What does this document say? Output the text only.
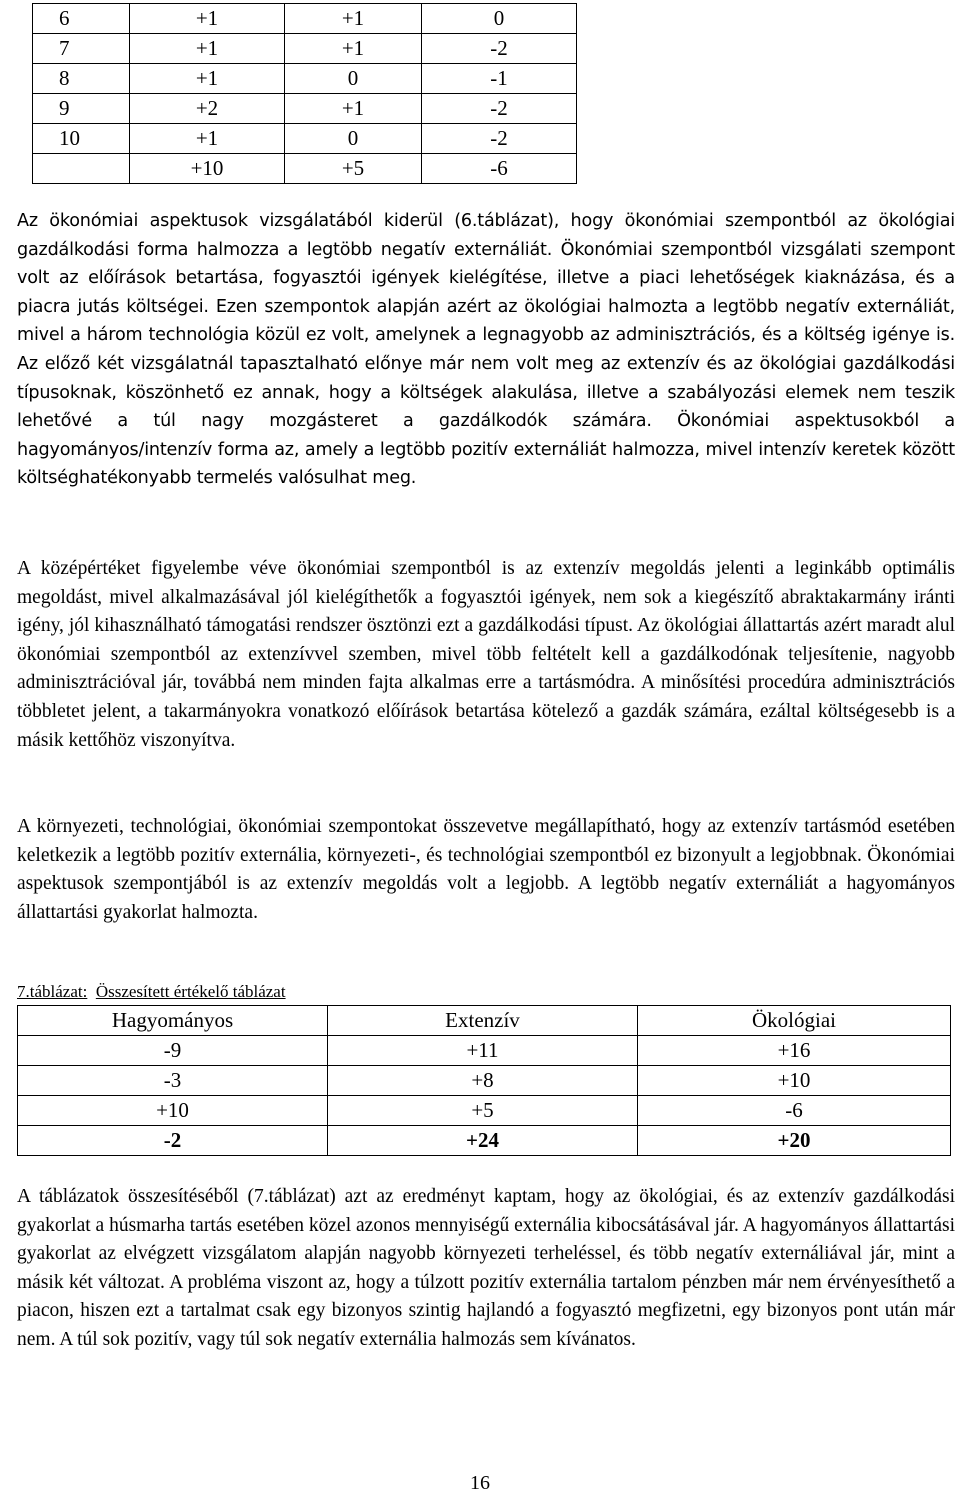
6	+1	+1	0
7	+1	+1	-2
8	+1	0	-1
9	+2	+1	-2
10	+1	0	-2
	+10	+5	-6

Az ökonómiai aspektusok vizsgálatából kiderül (6.táblázat), hogy ökonómiai szempontból az ökológiai gazdálkodási forma halmozza a legtöbb negatív externáliát. Ökonómiai szempontból vizsgálati szempont volt az előírások betartása, fogyasztói igények kielégítése, illetve a piaci lehetőségek kiaknázása, és a piacra jutás költségei. Ezen szempontok alapján azért az ökológiai halmozta a legtöbb negatív externáliát, mivel a három technológia közül ez volt, amelynek a legnagyobb az adminisztrációs, és a költség igénye is. Az előző két vizsgálatnál tapasztalható előnye már nem volt meg az extenzív és az ökológiai gazdálkodási típusoknak, köszönhető ez annak, hogy a költségek alakulása, illetve a szabályozási elemek nem teszik lehetővé a túl nagy mozgásteret a gazdálkodók számára. Ökonómiai aspektusokból a hagyományos/intenzív forma az, amely a legtöbb pozitív externáliát halmozza, mivel intenzív keretek között költséghatékonyabb termelés valósulhat meg.

A középértéket figyelembe véve ökonómiai szempontból is az extenzív megoldás jelenti a leginkább optimális megoldást, mivel alkalmazásával jól kielégíthetők a fogyasztói igények, nem sok a kiegészítő abraktakarmány iránti igény, jól kihasználható támogatási rendszer ösztönzi ezt a gazdálkodási típust. Az ökológiai állattartás azért maradt alul ökonómiai szempontból az extenzívvel szemben, mivel több feltételt kell a gazdálkodónak teljesítenie, nagyobb adminisztrációval jár, továbbá nem minden fajta alkalmas erre a tartásmódra. A minősítési procedúra adminisztrációs többletet jelent, a takarmányokra vonatkozó előírások betartása kötelező a gazdák számára, ezáltal költségesebb is a másik kettőhöz viszonyítva.

A környezeti, technológiai, ökonómiai szempontokat összevetve megállapítható, hogy az extenzív tartásmód esetében keletkezik a legtöbb pozitív externália, környezeti-, és technológiai szempontból ez bizonyult a legjobbnak. Ökonómiai aspektusok szempontjából is az extenzív megoldás volt a legjobb. A legtöbb negatív externáliát a hagyományos állattartási gyakorlat halmozta.

7.táblázat: Összesített értékelő táblázat
Hagyományos	Extenzív	Ökológiai
-9	+11	+16
-3	+8	+10
+10	+5	-6
-2	+24	+20

A táblázatok összesítéséből (7.táblázat) azt az eredményt kaptam, hogy az ökológiai, és az extenzív gazdálkodási gyakorlat a húsmarha tartás esetében közel azonos mennyiségű externália kibocsátásával jár. A hagyományos állattartási gyakorlat az elvégzett vizsgálatom alapján nagyobb környezeti terheléssel, és több negatív externáliával jár, mint a másik két változat. A probléma viszont az, hogy a túlzott pozitív externália tartalom pénzben már nem érvényesíthető a piacon, hiszen ezt a tartalmat csak egy bizonyos szintig hajlandó a fogyasztó megfizetni, egy bizonyos pont után már nem. A túl sok pozitív, vagy túl sok negatív externália halmozás sem kívánatos.

16
